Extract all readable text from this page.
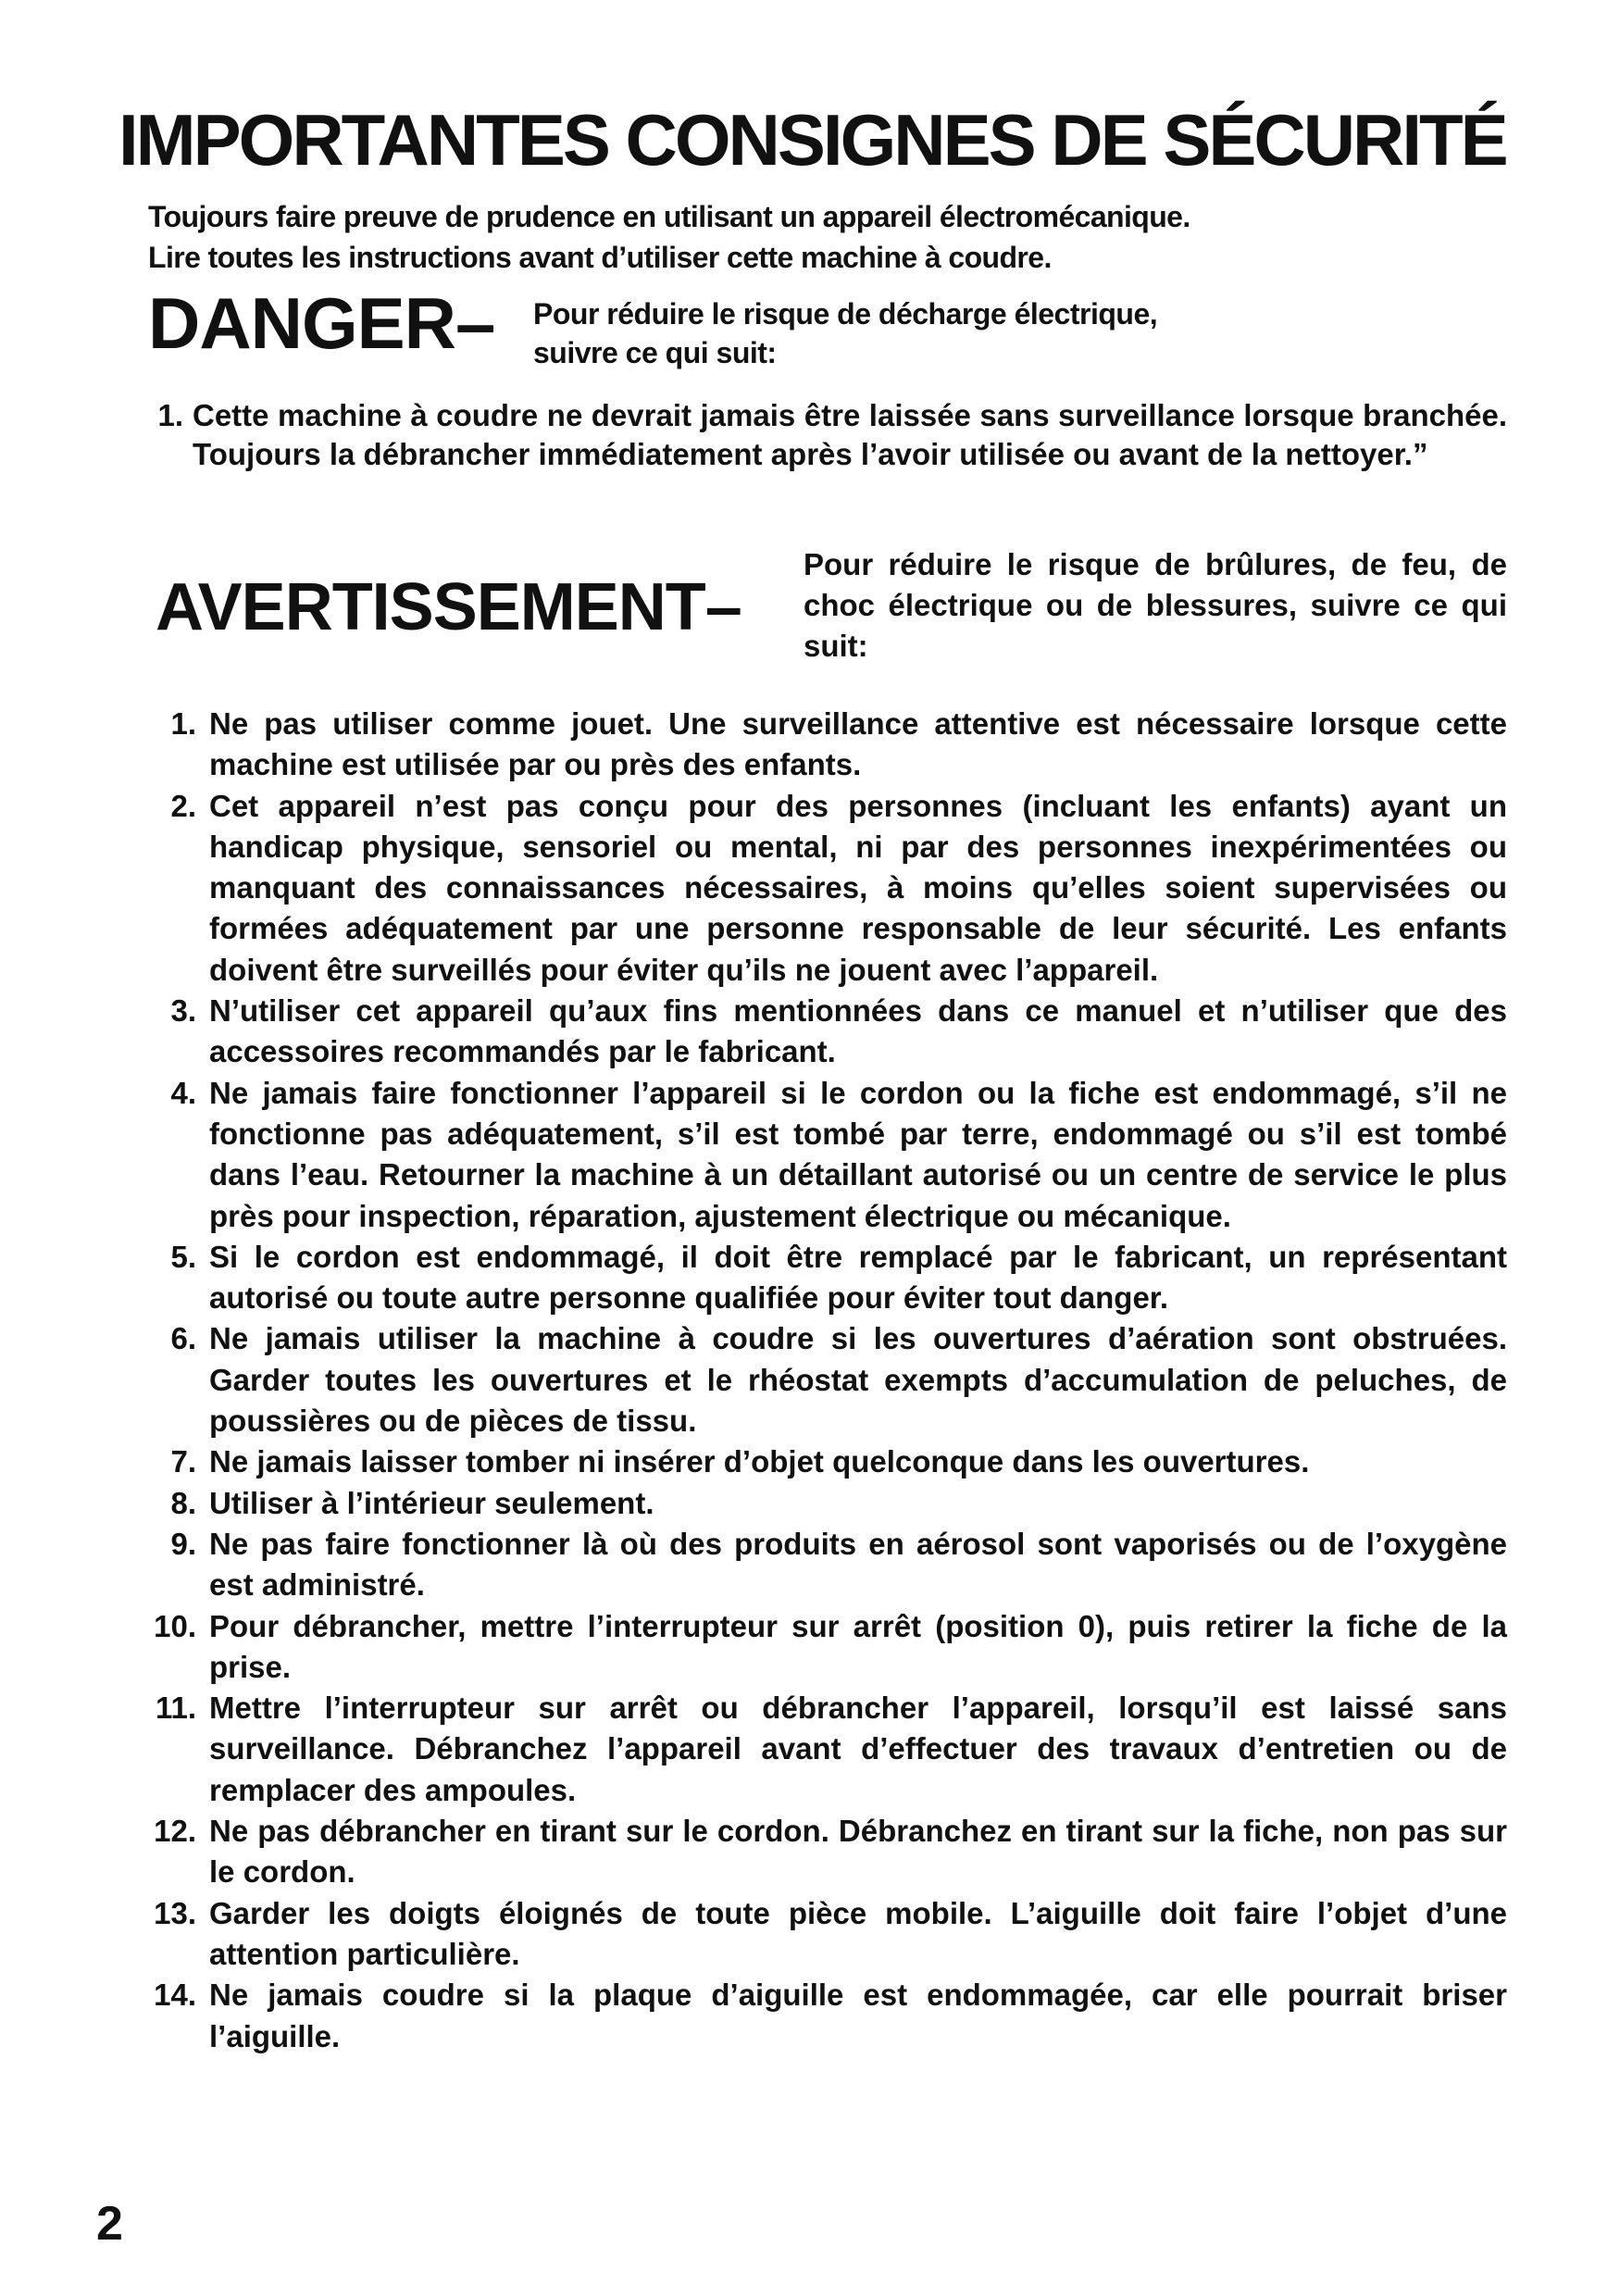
IMPORTANTES CONSIGNES DE SÉCURITÉ
Toujours faire preuve de prudence en utilisant un appareil électromécanique.
Lire toutes les instructions avant d’utiliser cette machine à coudre.
DANGER– Pour réduire le risque de décharge électrique,
suivre ce qui suit:
1. Cette machine à coudre ne devrait jamais être laissée sans surveillance lorsque branchée. Toujours la débrancher immédiatement après l’avoir utilisée ou avant de la nettoyer.”
AVERTISSEMENT–
Pour réduire le risque de brûlures, de feu, de choc électrique ou de blessures, suivre ce qui suit:
1. Ne pas utiliser comme jouet. Une surveillance attentive est nécessaire lorsque cette machine est utilisée par ou près des enfants.
2. Cet appareil n’est pas conçu pour des personnes (incluant les enfants) ayant un handicap physique, sensoriel ou mental, ni par des personnes inexpérimentées ou manquant des connaissances nécessaires, à moins qu’elles soient supervisées ou formées adéquatement par une personne responsable de leur sécurité. Les enfants doivent être surveillés pour éviter qu’ils ne jouent avec l’appareil.
3. N’utiliser cet appareil qu’aux fins mentionnées dans ce manuel et n’utiliser que des accessoires recommandés par le fabricant.
4. Ne jamais faire fonctionner l’appareil si le cordon ou la fiche est endommagé, s’il ne fonctionne pas adéquatement, s’il est tombé par terre, endommagé ou s’il est tombé dans l’eau. Retourner la machine à un détaillant autorisé ou un centre de service le plus près pour inspection, réparation, ajustement électrique ou mécanique.
5. Si le cordon est endommagé, il doit être remplacé par le fabricant, un représentant autorisé ou toute autre personne qualifiée pour éviter tout danger.
6. Ne jamais utiliser la machine à coudre si les ouvertures d’aération sont obstruées. Garder toutes les ouvertures et le rhéostat exempts d’accumulation de peluches, de poussières ou de pièces de tissu.
7. Ne jamais laisser tomber ni insérer d’objet quelconque dans les ouvertures.
8. Utiliser à l’intérieur seulement.
9. Ne pas faire fonctionner là où des produits en aérosol sont vaporisés ou de l’oxygène est administré.
10. Pour débrancher, mettre l’interrupteur sur arrêt (position 0), puis retirer la fiche de la prise.
11. Mettre l’interrupteur sur arrêt ou débrancher l’appareil, lorsqu’il est laissé sans surveillance. Débranchez l’appareil avant d’effectuer des travaux d’entretien ou de remplacer des ampoules.
12. Ne pas débrancher en tirant sur le cordon. Débranchez en tirant sur la fiche, non pas sur le cordon.
13. Garder les doigts éloignés de toute pièce mobile. L’aiguille doit faire l’objet d’une attention particulière.
14. Ne jamais coudre si la plaque d’aiguille est endommagée, car elle pourrait briser l’aiguille.
2
